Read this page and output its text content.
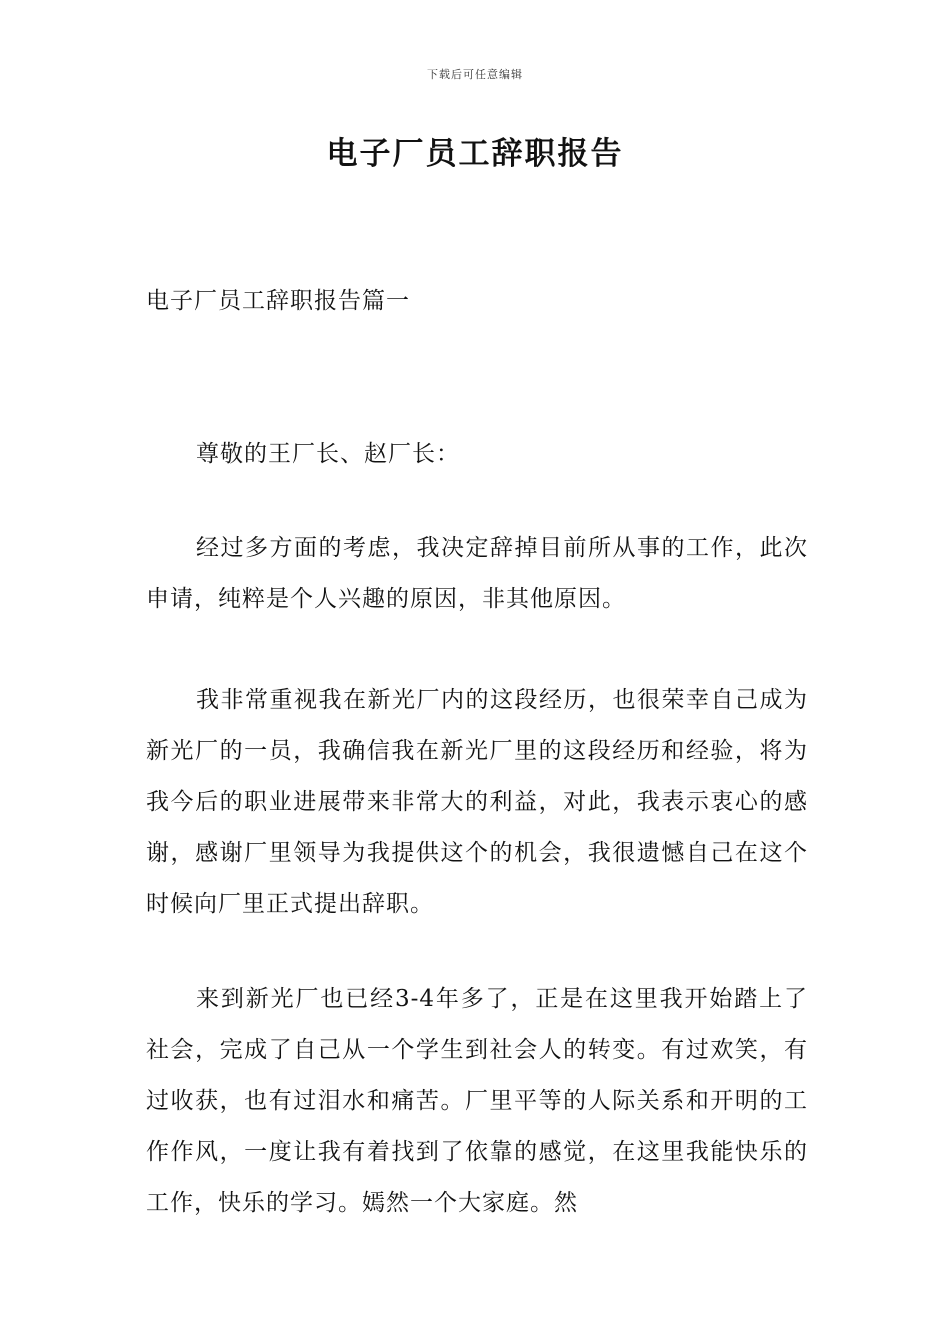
下载后可任意编辑
电子厂员工辞职报告
电子厂员工辞职报告篇一

尊敬的王厂长、赵厂长：

经过多方面的考虑，我决定辞掉目前所从事的工作，此次申请，纯粹是个人兴趣的原因，非其他原因。

我非常重视我在新光厂内的这段经历，也很荣幸自己成为新光厂的一员，我确信我在新光厂里的这段经历和经验，将为我今后的职业进展带来非常大的利益，对此，我表示衷心的感谢，感谢厂里领导为我提供这个的机会，我很遗憾自己在这个时候向厂里正式提出辞职。

来到新光厂也已经3-4年多了，正是在这里我开始踏上了社会，完成了自己从一个学生到社会人的转变。有过欢笑，有过收获，也有过泪水和痛苦。厂里平等的人际关系和开明的工作作风，一度让我有着找到了依靠的感觉，在这里我能快乐的工作，快乐的学习。嫣然一个大家庭。然
